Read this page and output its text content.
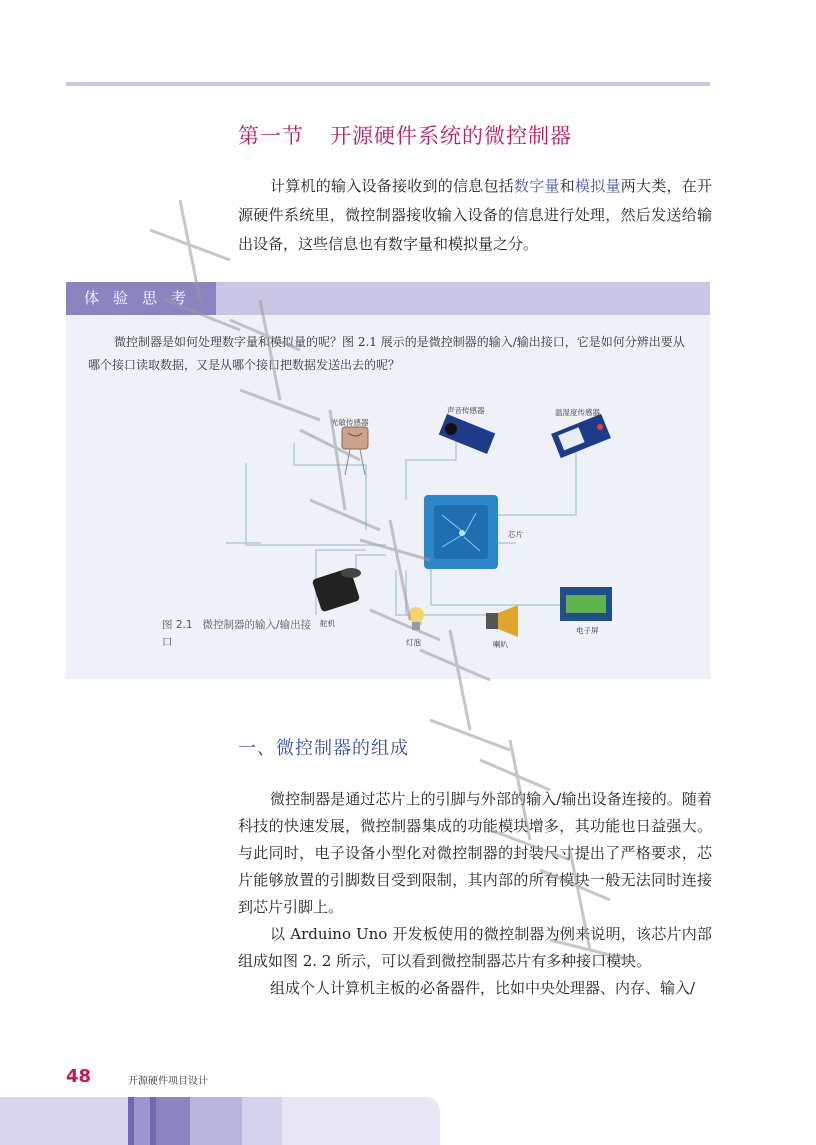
第一节 开源硬件系统的微控制器
计算机的输入设备接收到的信息包括数字量和模拟量两大类，在开源硬件系统里，微控制器接收输入设备的信息进行处理，然后发送给输出设备，这些信息也有数字量和模拟量之分。
体验思考
微控制器是如何处理数字量和模拟量的呢？图 2.1 展示的是微控制器的输入/输出接口，它是如何分辨出要从哪个接口读取数据，又是从哪个接口把数据发送出去的呢？
光敏传感器
声音传感器	温湿度传感器
芯片
舵机
灯泡	喇叭
电子屏
图 2.1 微控制器的输入/输出接口
一、微控制器的组成

微控制器是通过芯片上的引脚与外部的输入/输出设备连接的。随着科技的快速发展，微控制器集成的功能模块增多，其功能也日益强大。与此同时，电子设备小型化对微控制器的封装尺寸提出了严格要求，芯片能够放置的引脚数目受到限制，其内部的所有模块一般无法同时连接到芯片引脚上。

以 Arduino Uno 开发板使用的微控制器为例来说明，该芯片内部组成如图 2. 2 所示，可以看到微控制器芯片有多种接口模块。

组成个人计算机主板的必备器件，比如中央处理器、内存、输入/

48	开源硬件项目设计
